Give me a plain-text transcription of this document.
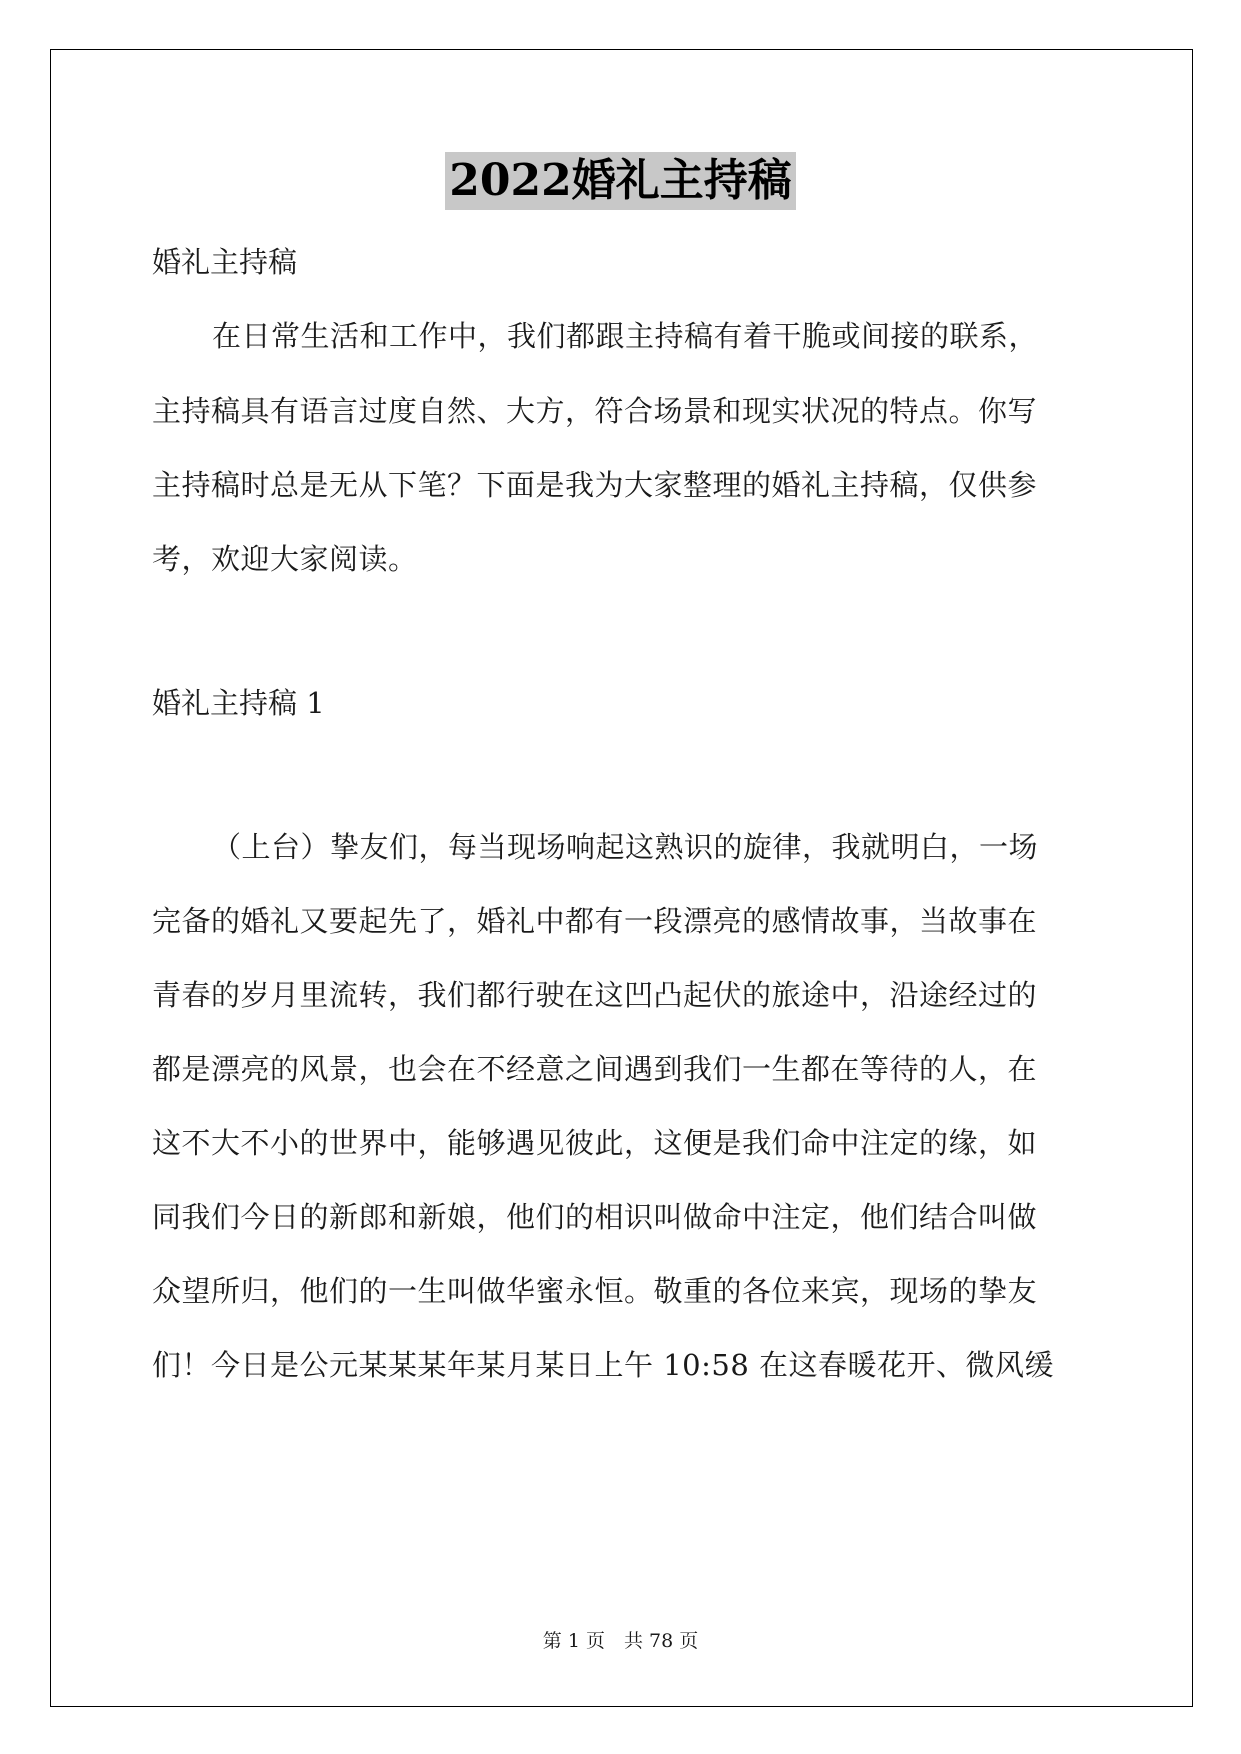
2022婚礼主持稿
婚礼主持稿
在日常生活和工作中，我们都跟主持稿有着干脆或间接的联系，
主持稿具有语言过度自然、大方，符合场景和现实状况的特点。你写
主持稿时总是无从下笔？下面是我为大家整理的婚礼主持稿，仅供参
考，欢迎大家阅读。
婚礼主持稿 1
（上台）挚友们，每当现场响起这熟识的旋律，我就明白，一场
完备的婚礼又要起先了，婚礼中都有一段漂亮的感情故事，当故事在
青春的岁月里流转，我们都行驶在这凹凸起伏的旅途中，沿途经过的
都是漂亮的风景，也会在不经意之间遇到我们一生都在等待的人，在
这不大不小的世界中，能够遇见彼此，这便是我们命中注定的缘，如
同我们今日的新郎和新娘，他们的相识叫做命中注定，他们结合叫做
众望所归，他们的一生叫做华蜜永恒。敬重的各位来宾，现场的挚友
们！今日是公元某某某年某月某日上午 10:58 在这春暖花开、微风缓
第 1 页　共 78 页
